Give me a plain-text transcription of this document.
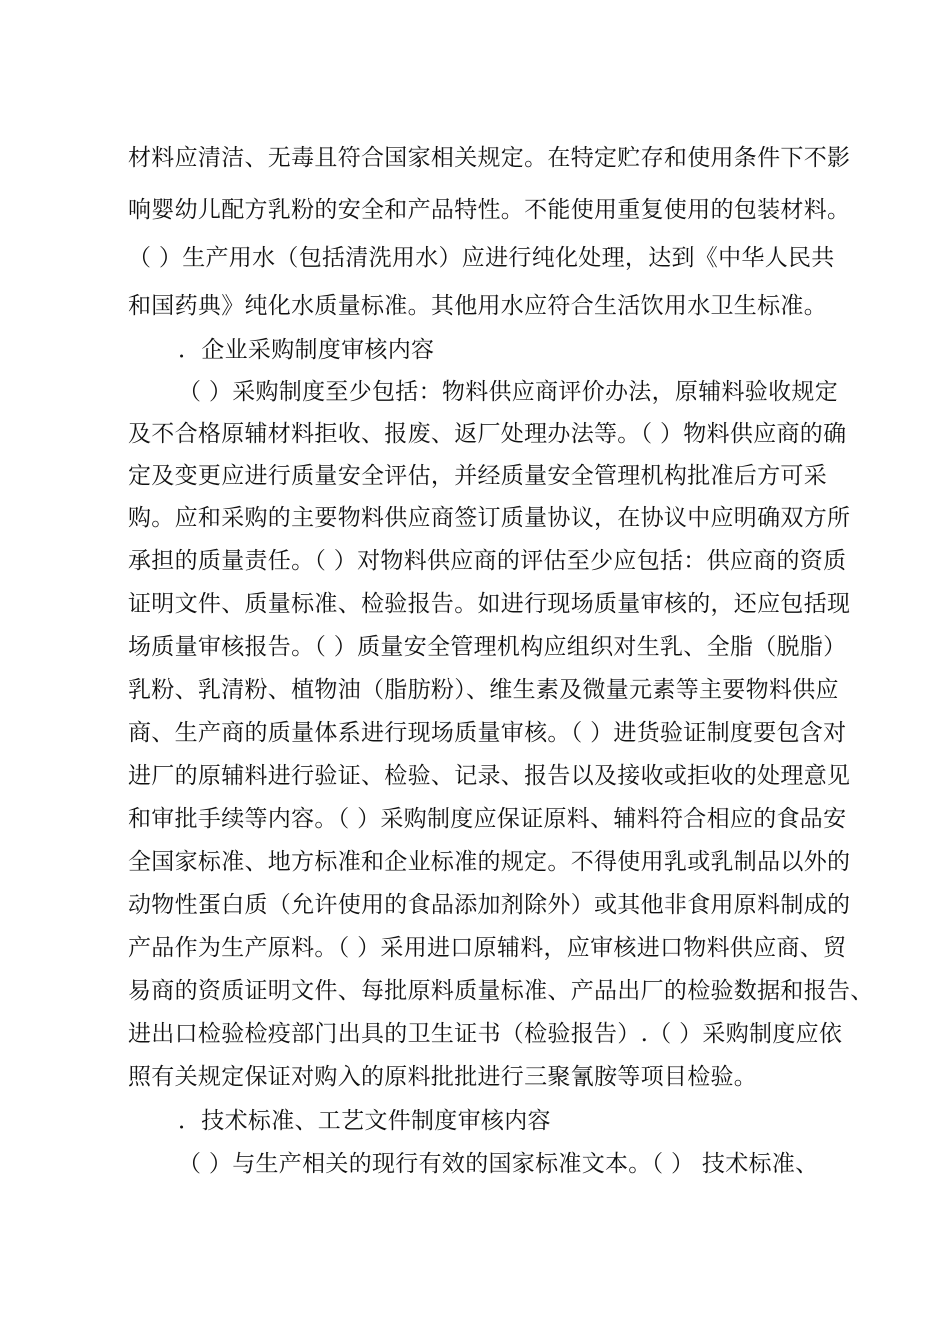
材料应清洁、无毒且符合国家相关规定。在特定贮存和使用条件下不影
响婴幼儿配方乳粉的安全和产品特性。不能使用重复使用的包装材料。
（ ）生产用水（包括清洗用水）应进行纯化处理，达到《中华人民共
和国药典》纯化水质量标准。其他用水应符合生活饮用水卫生标准。
．企业采购制度审核内容
（ ）采购制度至少包括：物料供应商评价办法，原辅料验收规定
及不合格原辅材料拒收、报废、返厂处理办法等。（ ）物料供应商的确
定及变更应进行质量安全评估，并经质量安全管理机构批准后方可采
购。应和采购的主要物料供应商签订质量协议，在协议中应明确双方所
承担的质量责任。（ ）对物料供应商的评估至少应包括：供应商的资质
证明文件、质量标准、检验报告。如进行现场质量审核的，还应包括现
场质量审核报告。（ ）质量安全管理机构应组织对生乳、全脂（脱脂）
乳粉、乳清粉、植物油（脂肪粉）、维生素及微量元素等主要物料供应
商、生产商的质量体系进行现场质量审核。（ ）进货验证制度要包含对
进厂的原辅料进行验证、检验、记录、报告以及接收或拒收的处理意见
和审批手续等内容。（ ）采购制度应保证原料、辅料符合相应的食品安
全国家标准、地方标准和企业标准的规定。不得使用乳或乳制品以外的
动物性蛋白质（允许使用的食品添加剂除外）或其他非食用原料制成的
产品作为生产原料。（ ）采用进口原辅料，应审核进口物料供应商、贸
易商的资质证明文件、每批原料质量标准、产品出厂的检验数据和报告、
进出口检验检疫部门出具的卫生证书（检验报告）.（ ）采购制度应依
照有关规定保证对购入的原料批批进行三聚氰胺等项目检验。
．技术标准、工艺文件制度审核内容
（ ）与生产相关的现行有效的国家标准文本。（ ） 技术标准、
